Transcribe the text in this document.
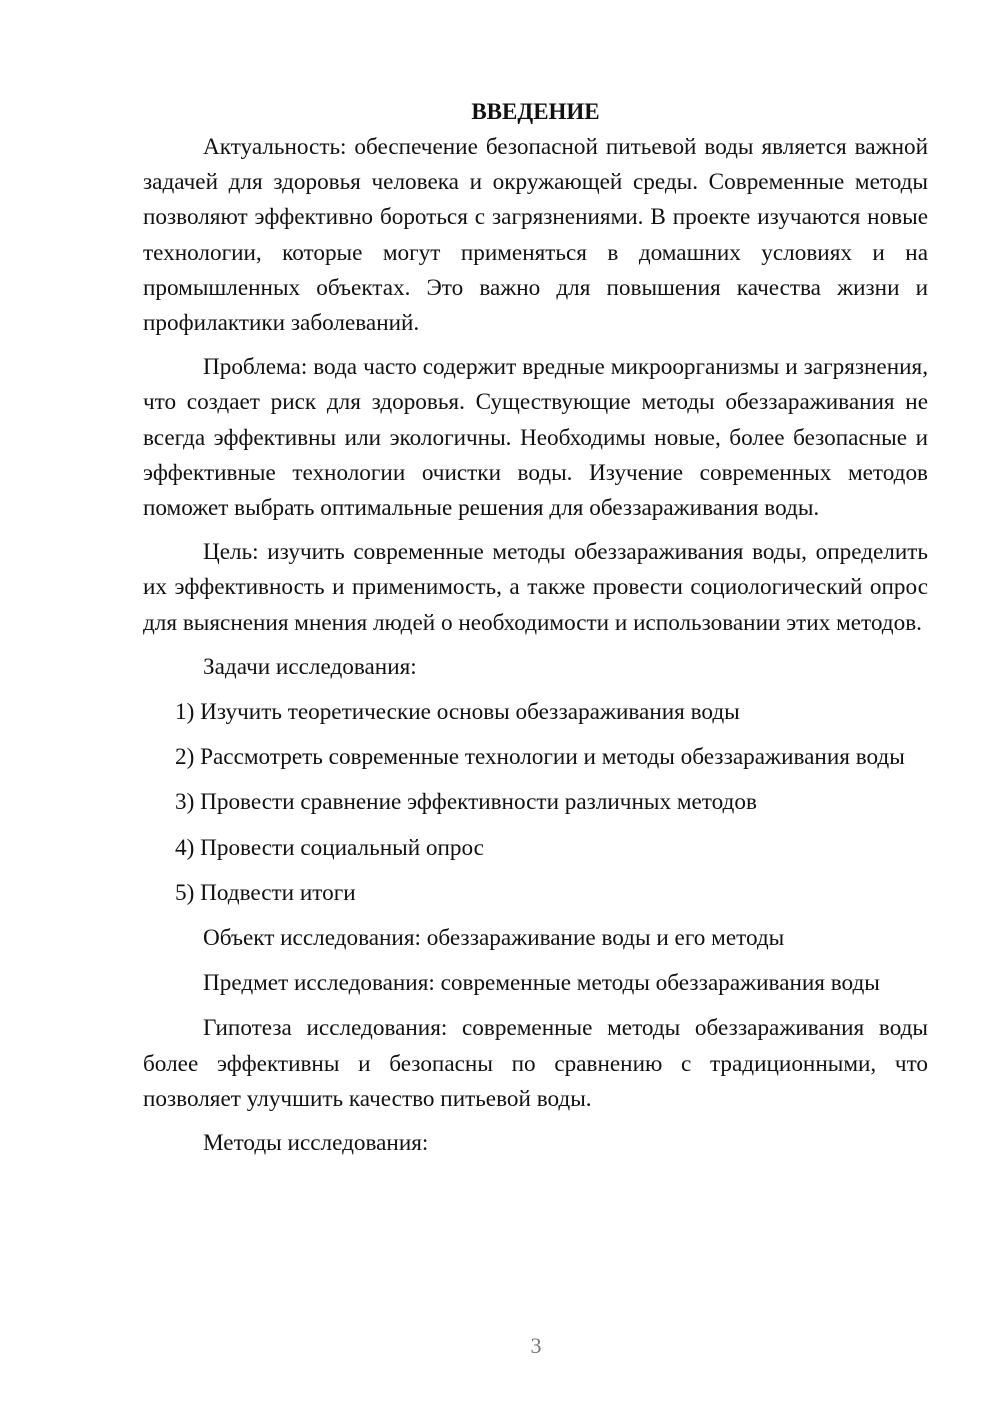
ВВЕДЕНИЕ

Актуальность: обеспечение безопасной питьевой воды является важной задачей для здоровья человека и окружающей среды. Современные методы позволяют эффективно бороться с загрязнениями. В проекте изучаются новые технологии, которые могут применяться в домашних условиях и на промышленных объектах. Это важно для повышения качества жизни и профилактики заболеваний.

Проблема: вода часто содержит вредные микроорганизмы и загрязнения, что создает риск для здоровья. Существующие методы обеззараживания не всегда эффективны или экологичны. Необходимы новые, более безопасные и эффективные технологии очистки воды. Изучение современных методов поможет выбрать оптимальные решения для обеззараживания воды.

Цель: изучить современные методы обеззараживания воды, определить их эффективность и применимость, а также провести социологический опрос для выяснения мнения людей о необходимости и использовании этих методов.

Задачи исследования:

1) Изучить теоретические основы обеззараживания воды

2) Рассмотреть современные технологии и методы обеззараживания воды

3) Провести сравнение эффективности различных методов

4) Провести социальный опрос

5) Подвести итоги

Объект исследования: обеззараживание воды и его методы

Предмет исследования: современные методы обеззараживания воды

Гипотеза исследования: современные методы обеззараживания воды более эффективны и безопасны по сравнению с традиционными, что позволяет улучшить качество питьевой воды.

Методы исследования:

3
